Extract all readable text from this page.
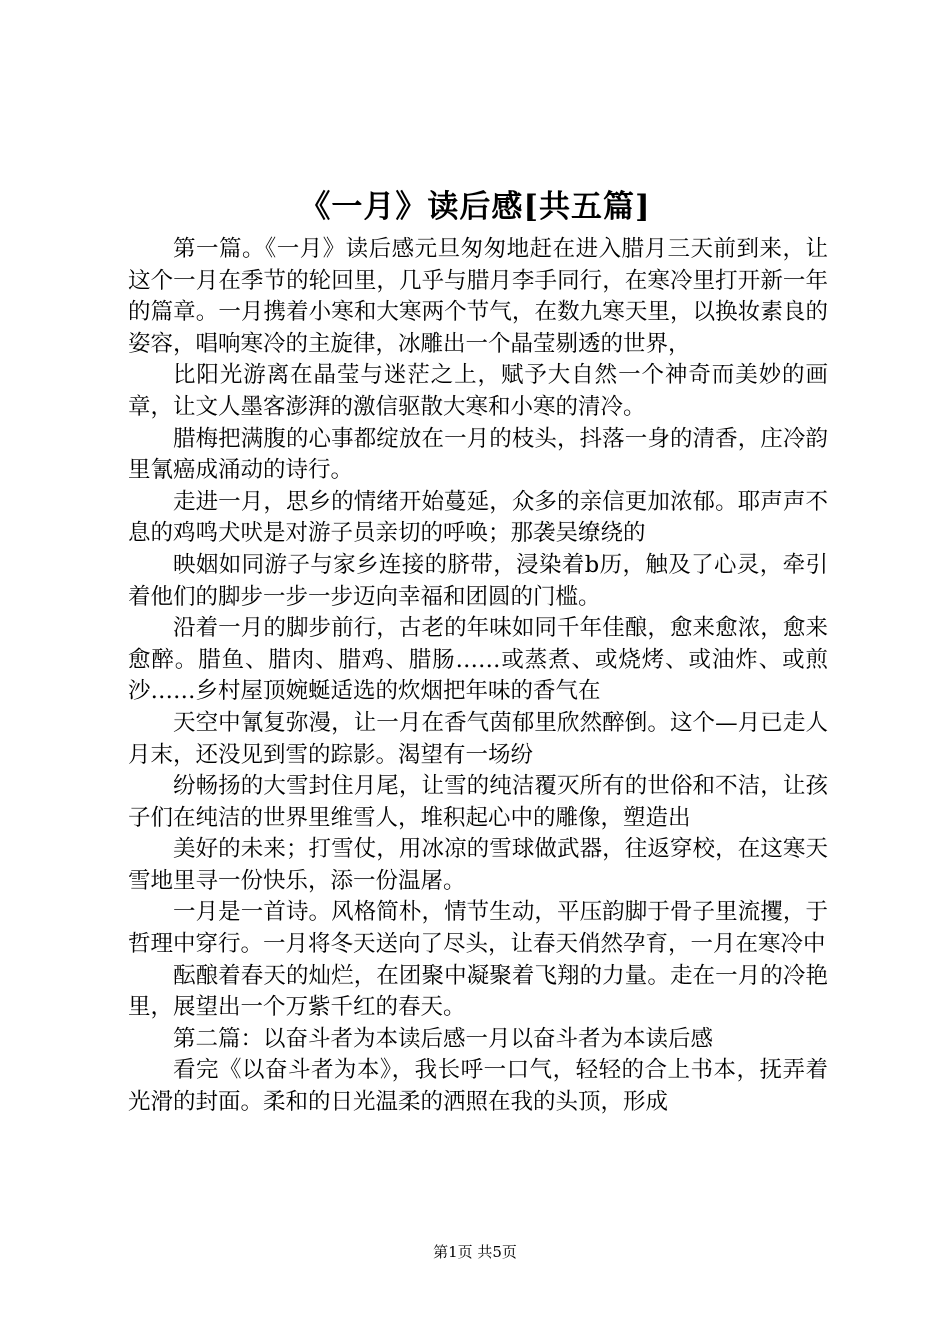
《一月》读后感[共五篇]

第一篇。《一月》读后感元旦匆匆地赶在进入腊月三天前到来，让这个一月在季节的轮回里，几乎与腊月李手同行，在寒冷里打开新一年的篇章。一月携着小寒和大寒两个节气，在数九寒天里，以换妆素良的姿容，唱响寒冷的主旋律，冰雕出一个晶莹剔透的世界，

比阳光游离在晶莹与迷茫之上，赋予大自然一个神奇而美妙的画章，让文人墨客澎湃的激信驱散大寒和小寒的清冷。

腊梅把满腹的心事都绽放在一月的枝头，抖落一身的清香，庄冷韵里氰癌成涌动的诗行。

走进一月，思乡的情绪开始蔓延，众多的亲信更加浓郁。耶声声不息的鸡鸣犬吠是对游子员亲切的呼唤；那袭吴缭绕的

映姻如同游子与家乡连接的脐带，浸染着b历，触及了心灵，牵引着他们的脚步一步一步迈向幸福和团圆的门槛。

沿着一月的脚步前行，古老的年味如同千年佳酿，愈来愈浓，愈来愈醉。腊鱼、腊肉、腊鸡、腊肠……或蒸煮、或烧烤、或油炸、或煎沙……乡村屋顶婉蜒适选的炊烟把年味的香气在

天空中氰复弥漫，让一月在香气茵郁里欣然醉倒。这个—月已走人月末，还没见到雪的踪影。渴望有一场纷

纷畅扬的大雪封住月尾，让雪的纯洁覆灭所有的世俗和不洁，让孩子们在纯洁的世界里维雪人，堆积起心中的雕像，塑造出

美好的未来；打雪仗，用冰凉的雪球做武器，往返穿校，在这寒天雪地里寻一份快乐，添一份温屠。

一月是一首诗。风格简朴，情节生动，平压韵脚于骨子里流攫，于哲理中穿行。一月将冬天送向了尽头，让春天俏然孕育，一月在寒冷中

酝酿着春天的灿烂，在团聚中凝聚着飞翔的力量。走在一月的冷艳里，展望出一个万紫千红的春天。

第二篇：以奋斗者为本读后感一月以奋斗者为本读后感

看完《以奋斗者为本》，我长呼一口气，轻轻的合上书本，抚弄着光滑的封面。柔和的日光温柔的洒照在我的头顶，形成

第1页 共5页
